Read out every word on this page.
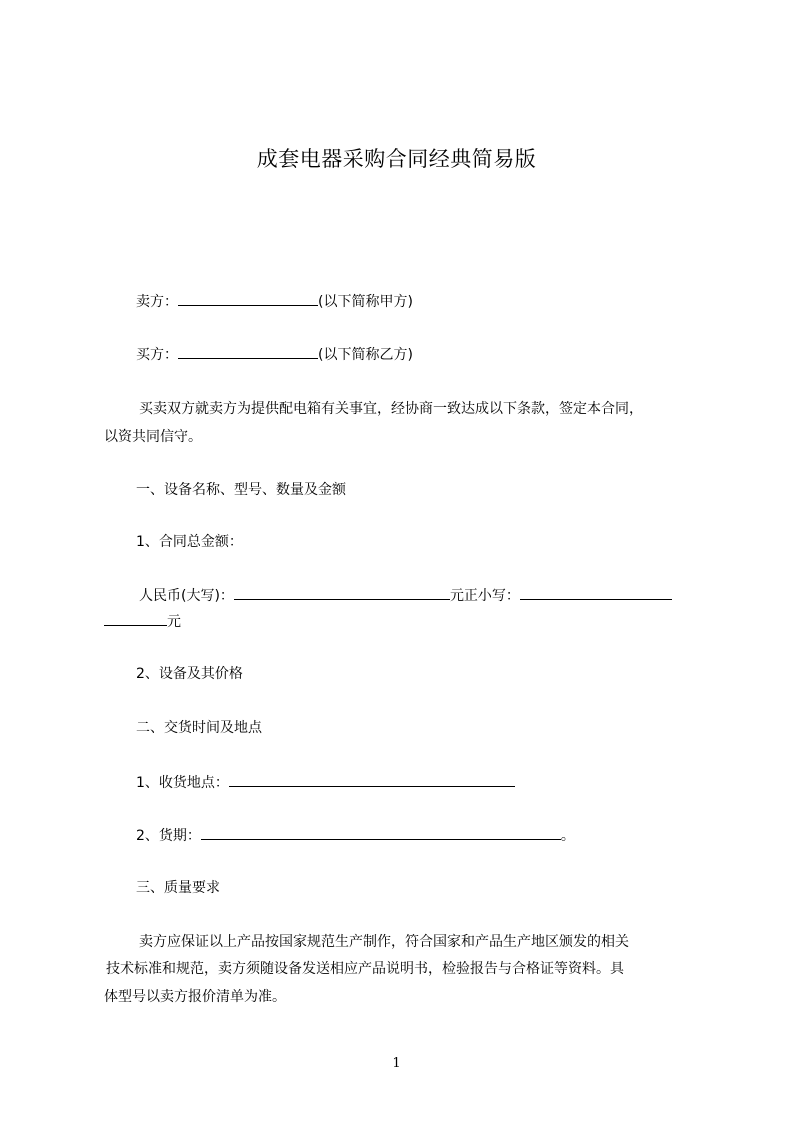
成套电器采购合同经典简易版
卖方：	(以下简称甲方)
买方：	(以下简称乙方)
买卖双方就卖方为提供配电箱有关事宜，经协商一致达成以下条款，签定本合同，
以资共同信守。
一、设备名称、型号、数量及金额
1、合同总金额：
人民币(大写)：	元正小写：
元
2、设备及其价格
二、交货时间及地点
1、收货地点：
2、货期：	。
三、质量要求
卖方应保证以上产品按国家规范生产制作，符合国家和产品生产地区颁发的相关
技术标准和规范，卖方须随设备发送相应产品说明书，检验报告与合格证等资料。具
体型号以卖方报价清单为准。
1
